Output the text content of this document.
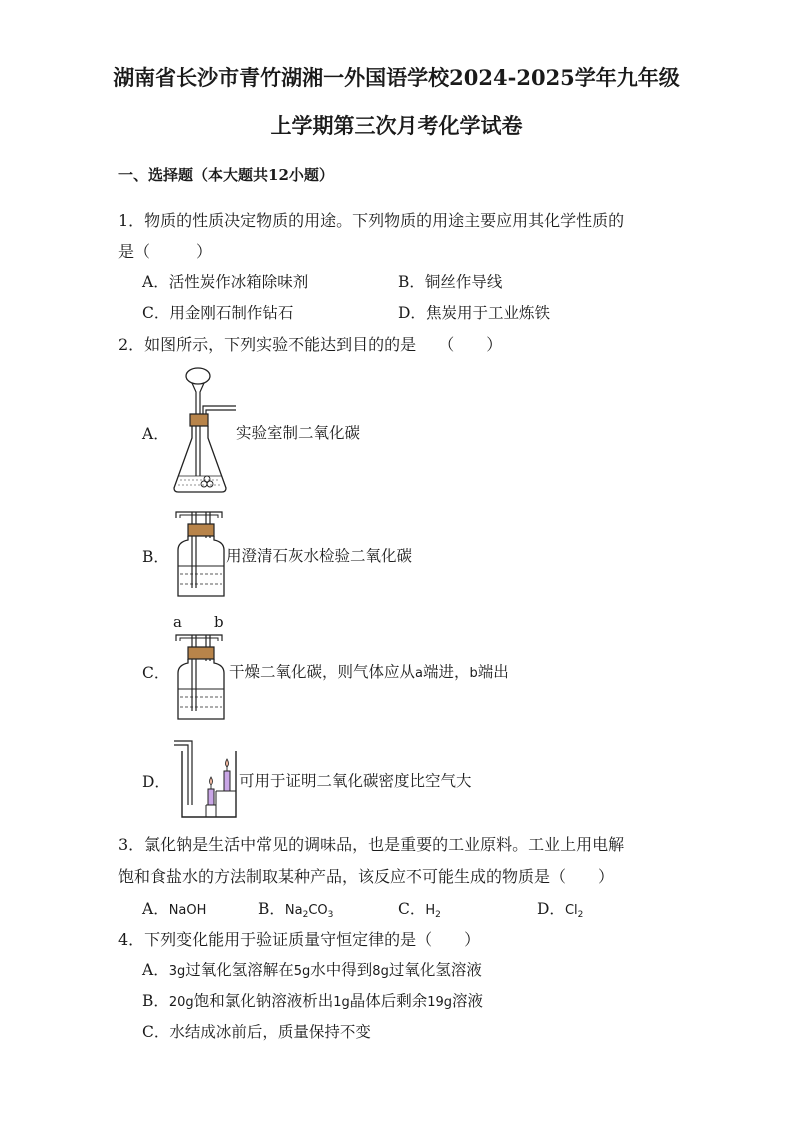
湖南省长沙市青竹湖湘一外国语学校2024-2025学年九年级
上学期第三次月考化学试卷
一、选择题（本大题共12小题）
1．物质的性质决定物质的用途。下列物质的用途主要应用其化学性质的
是（	）
A．活性炭作冰箱除味剂	B．铜丝作导线
C．用金刚石制作钻石	D．焦炭用于工业炼铁
2．如图所示，下列实验不能达到目的的是 （　　）
A．	实验室制二氧化碳
B．	用澄清石灰水检验二氧化碳
C．
a b
干燥二氧化碳，则气体应从a端进，b端出
D．	可用于证明二氧化碳密度比空气大
3．氯化钠是生活中常见的调味品，也是重要的工业原料。工业上用电解
饱和食盐水的方法制取某种产品，该反应不可能生成的物质是（　　）
A．NaOH	B．$Na_2CO_3$	C．$H_2$	D．$Cl_2$
4．下列变化能用于验证质量守恒定律的是（　　）
A．3g过氧化氢溶解在5g水中得到8g过氧化氢溶液
B．20g饱和氯化钠溶液析出1g晶体后剩余19g溶液
C．水结成冰前后，质量保持不变
